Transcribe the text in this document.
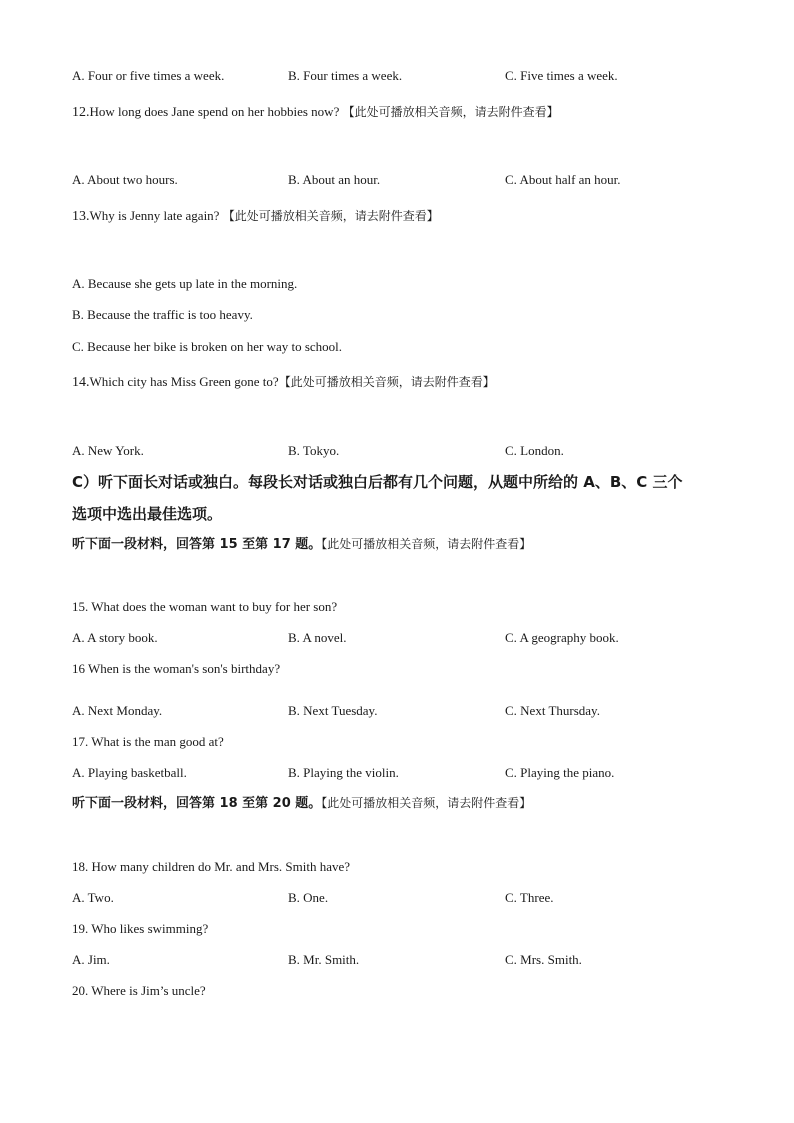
A. Four or five times a week.	B. Four times a week.	C. Five times a week.
12.How long does Jane spend on her hobbies now? 【此处可播放相关音频，请去附件查看】
A. About two hours.	B. About an hour.	C. About half an hour.
13.Why is Jenny late again? 【此处可播放相关音频，请去附件查看】
A. Because she gets up late in the morning.
B. Because the traffic is too heavy.
C. Because her bike is broken on her way to school.
14.Which city has Miss Green gone to?【此处可播放相关音频，请去附件查看】
A. New York.	B. Tokyo.	C. London.
C）听下面长对话或独白。每段长对话或独白后都有几个问题，从题中所给的 A、B、C 三个
选项中选出最佳选项。
听下面一段材料，回答第 15 至第 17 题。【此处可播放相关音频，请去附件查看】
15. What does the woman want to buy for her son?
A. A story book.	B. A novel.	C. A geography book.
16 When is the woman's son's birthday?
A. Next Monday.	B. Next Tuesday.	C. Next Thursday.
17. What is the man good at?
A. Playing basketball.	B. Playing the violin.	C. Playing the piano.
听下面一段材料，回答第 18 至第 20 题。【此处可播放相关音频，请去附件查看】
18. How many children do Mr. and Mrs. Smith have?
A. Two.	B. One.	C. Three.
19. Who likes swimming?
A. Jim.	B. Mr. Smith.	C. Mrs. Smith.
20. Where is Jim’s uncle?
